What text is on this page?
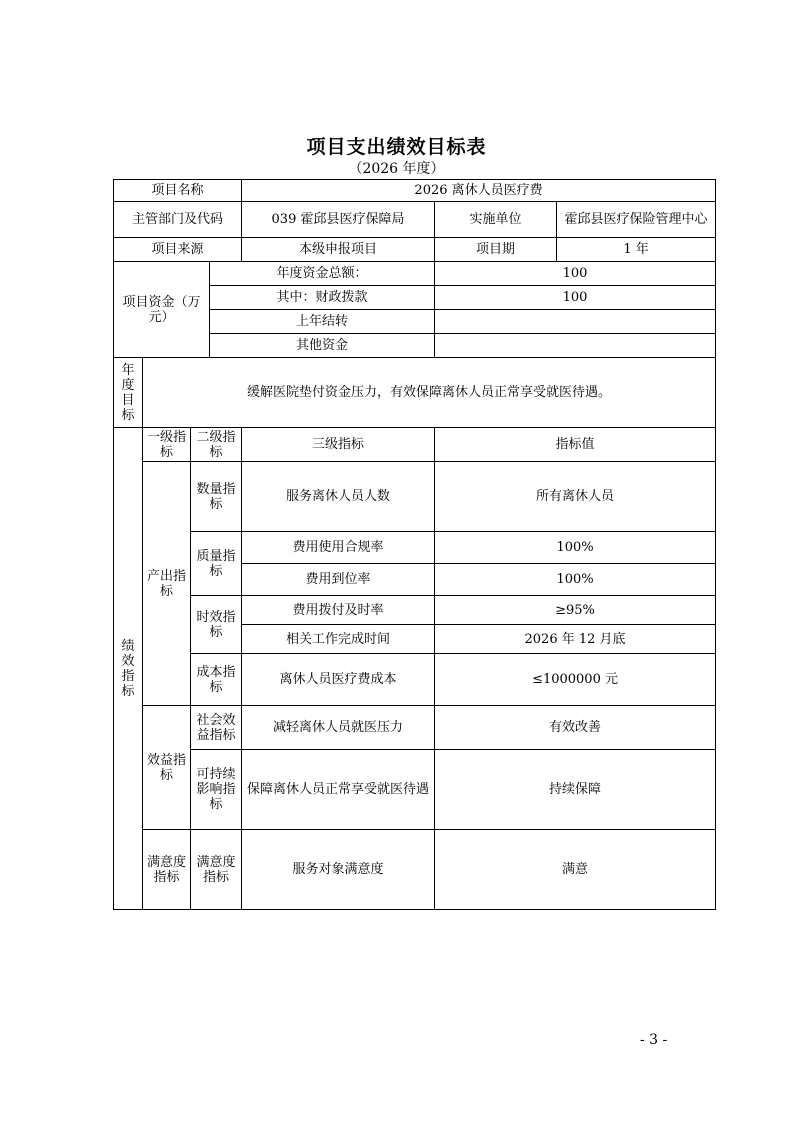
项目支出绩效目标表
（2026 年度）
项目名称				2026 离休人员医疗费		
主管部门及代码				039 霍邱县医疗保障局	实施单位	霍邱县医疗保险管理中心
项目来源				本级申报项目	项目期	1 年
项目资金（万元）			年度资金总额：		100	
			其中：财政拨款		100	
			上年结转			
			其他资金			
年度目标	缓解医院垫付资金压力，有效保障离休人员正常享受就医待遇。					
绩效指标	一级指标	二级指标		三级指标	指标值	
	产出指标	数量指标		服务离休人员人数	所有离休人员	
		质量指标		费用使用合规率	100%	
				费用到位率	100%	
		时效指标		费用拨付及时率	≥95%	
				相关工作完成时间	2026 年 12 月底	
		成本指标		离休人员医疗费成本	≤1000000 元	
	效益指标	社会效益指标		减轻离休人员就医压力	有效改善	
		可持续影响指标		保障离休人员正常享受就医待遇	持续保障	
	满意度指标	满意度指标		服务对象满意度	满意	
- 3 -
